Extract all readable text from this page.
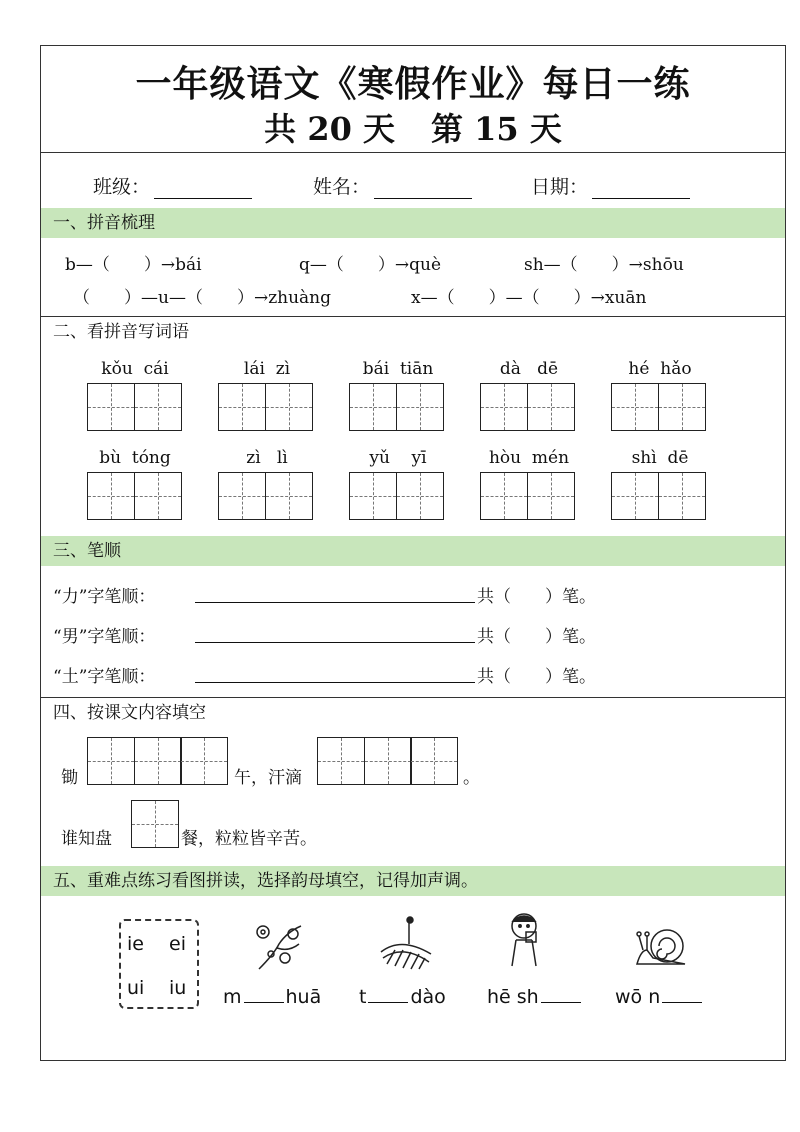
一年级语文《寒假作业》每日一练
共 20 天 第 15 天
班级：	姓名：	日期：
一、拼音梳理
b—（　　）→bái	q—（　　）→què	sh—（　　）→shōu
（　　）—u—（　　）→zhuàng	x—（　　）—（　　）→xuān
二、看拼音写词语
kǒu  cái	lái  zì	bái  tiān	dà   dē	hé  hǎo
bù  tóng	zì   lì	yǔ    yī	hòu  mén	shì  dē
三、笔顺
“力”字笔顺：	共（　　）笔。
“男”字笔顺：	共（　　）笔。
“土”字笔顺：	共（　　）笔。
四、按课文内容填空
锄	午，汗滴	。
谁知盘	餐，粒粒皆辛苦。
五、重难点练习看图拼读，选择韵母填空，记得加声调。
ie ei
ui iu m huā t dào hē sh	wō n
